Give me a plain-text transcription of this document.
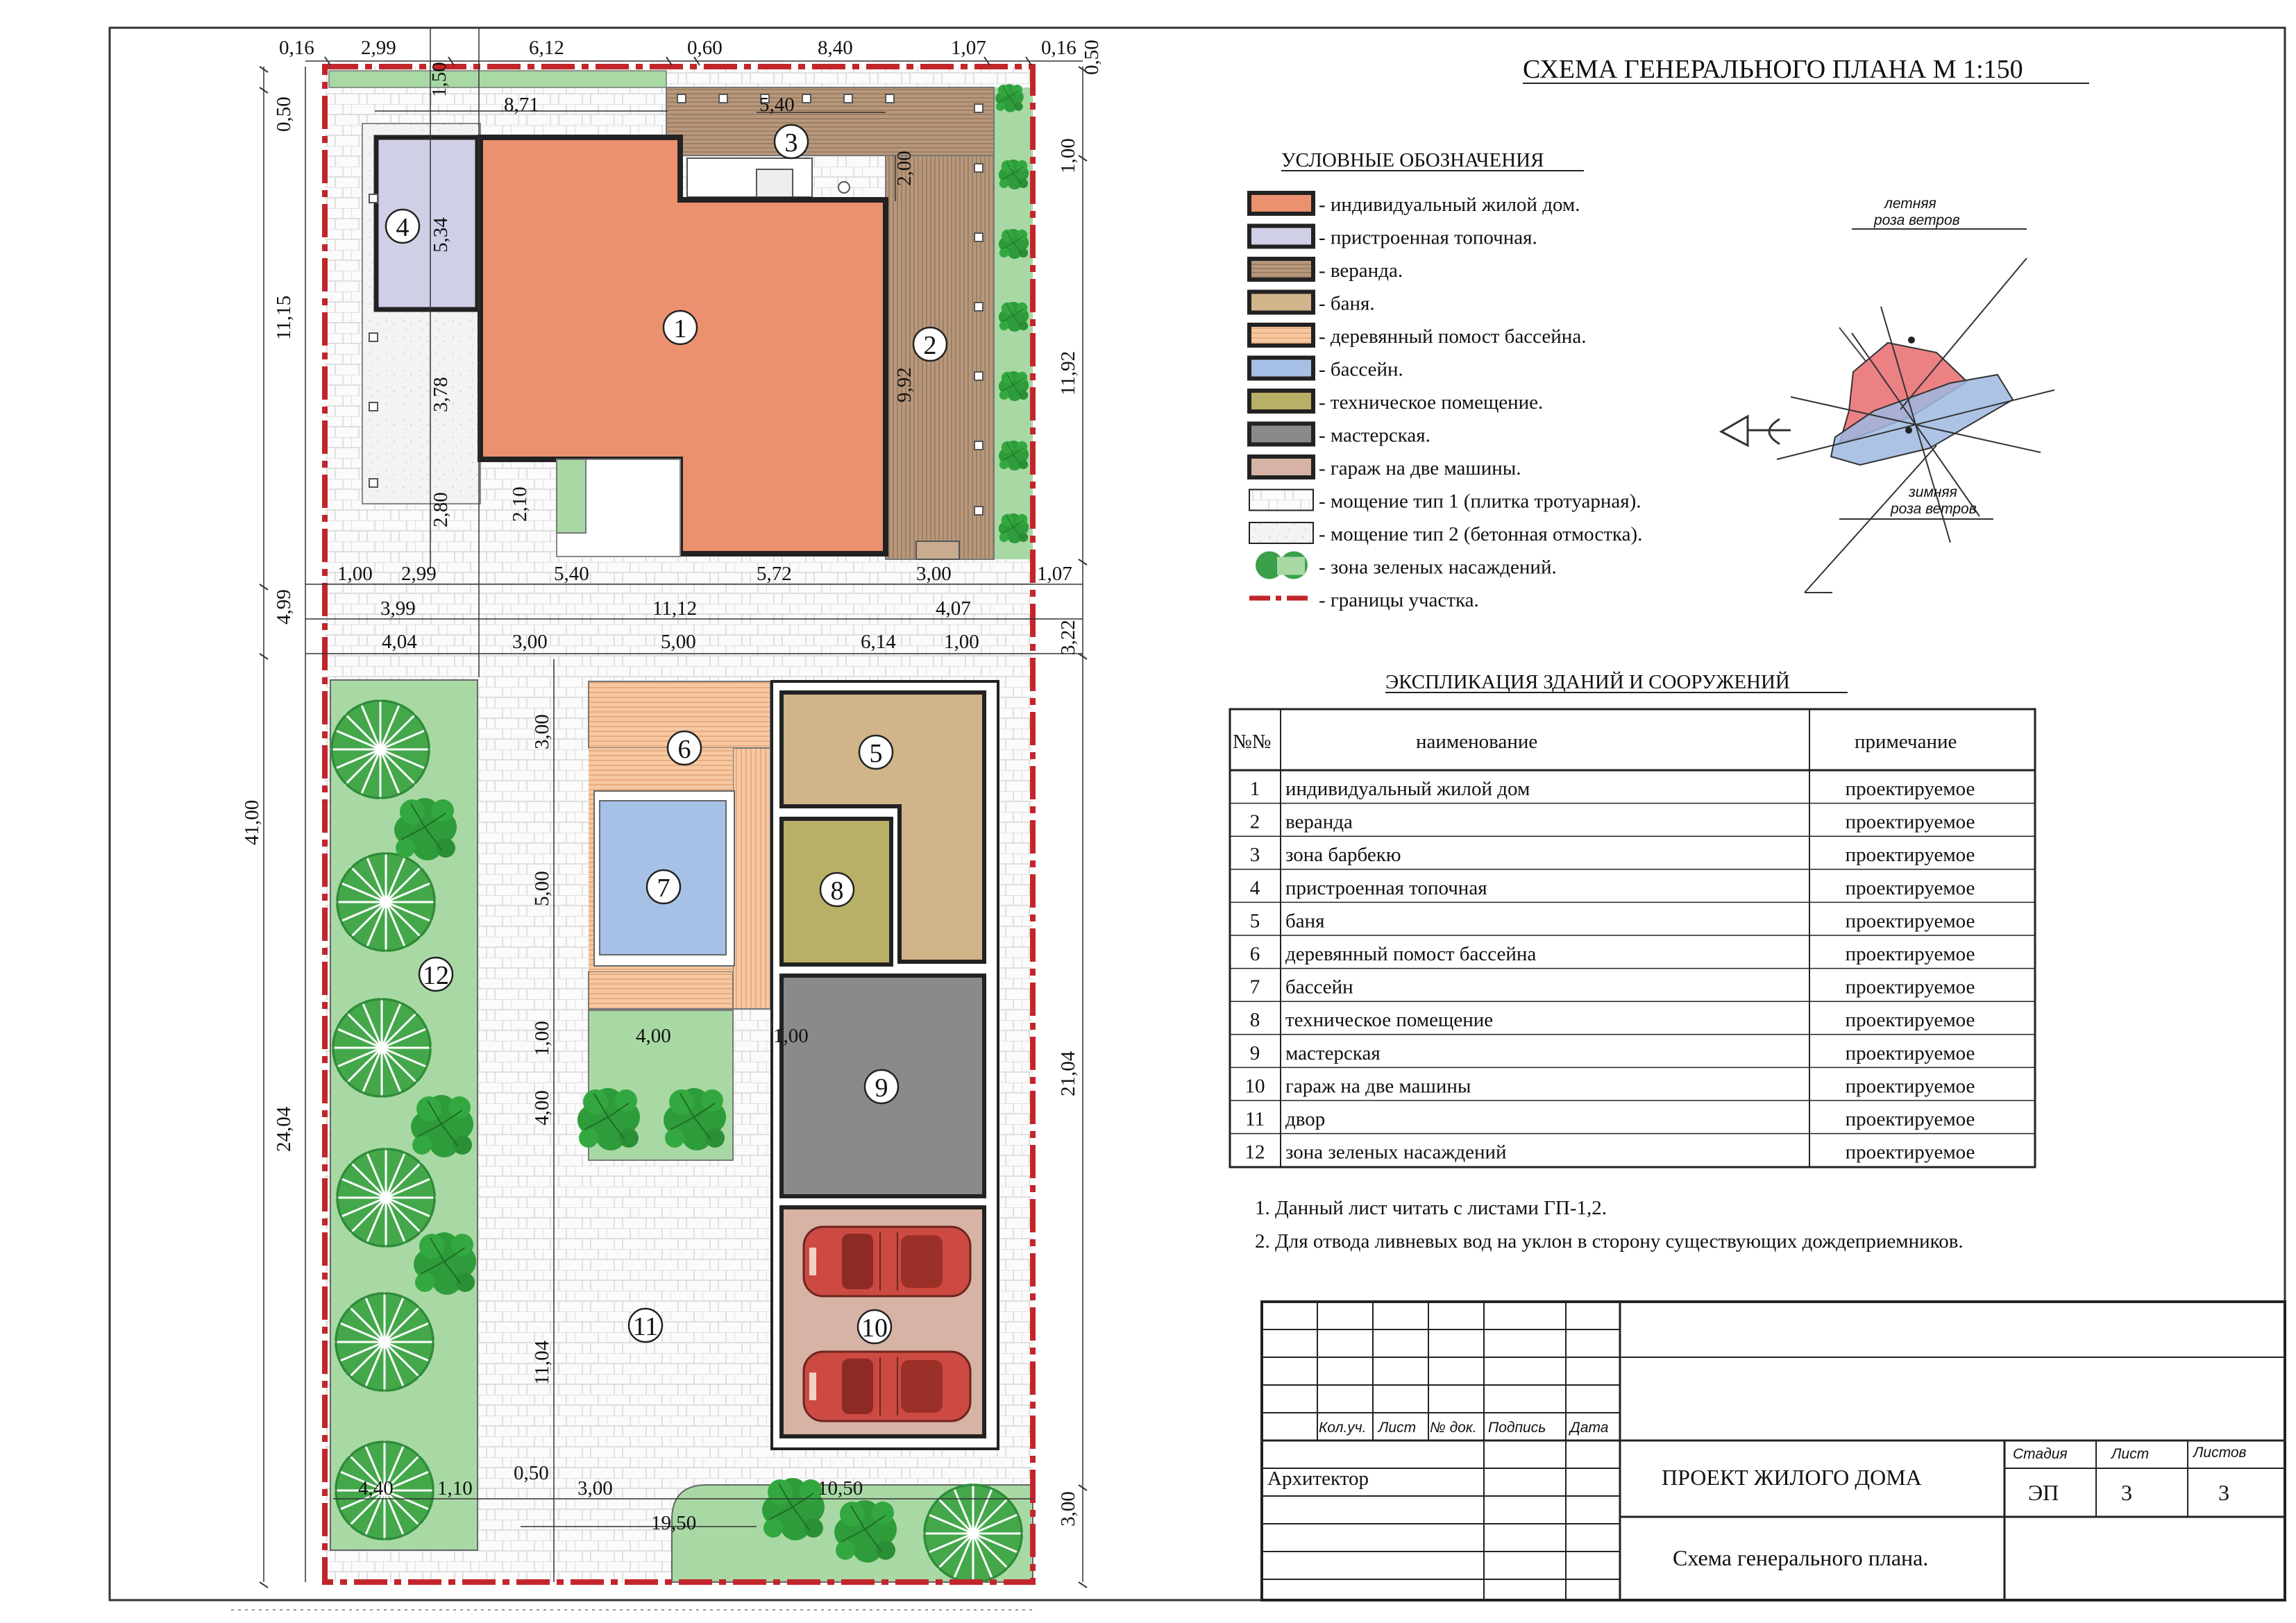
0,16 2,99	6,12	0,60	8,40	1,07	0,16 0,50
8,71	5,40
1,50
0,50
11,15
5,34
3,78
2,80	2,10
2,00
9,92
1,00
11,92
1,00 2,99	5,40	5,72	3,00	1,07
3,99	11,12	4,07
4,04	3,00	5,00	6,14 1,00
4,99
3,22
41,00
24,04
3,00
5,00
1,00
4,00
4,00	1,00
11,04
21,04
4,40 1,10
0,50
3,00	10,50
19,50	3,00
1
2
3
4
5
6
7	8
9
10
11
12
СХЕМА ГЕНЕРАЛЬНОГО ПЛАНА М 1:150
УСЛОВНЫЕ ОБОЗНАЧЕНИЯ
- индивидуальный жилой дом.
- пристроенная топочная.
- веранда.
- баня.
- деревянный помост бассейна.
- бассейн.
- техническое помещение.
- мастерская.
- гараж на две машины.
- мощение тип 1 (плитка тротуарная).
- мощение тип 2 (бетонная отмостка).
- зона зеленых насаждений.
- границы участка.
летняя
роза ветров
зимняя
роза ветров
ЭКСПЛИКАЦИЯ ЗДАНИЙ И СООРУЖЕНИЙ
№№	наименование	примечание
1 индивидуальный жилой дом	проектируемое
2 веранда	проектируемое
3 зона барбекю	проектируемое
4 пристроенная топочная	проектируемое
5 баня	проектируемое
6 деревянный помост бассейна	проектируемое
7 бассейн	проектируемое
8 техническое помещение	проектируемое
9 мастерская	проектируемое
10 гараж на две машины	проектируемое
11 двор	проектируемое
12 зона зеленых насаждений	проектируемое
1. Данный лист читать с листами ГП-1,2.
2. Для отвода ливневых вод на уклон в сторону существующих дождеприемников.
Кол.уч. Лист № док. Подпись Дата
Стадия	Лист	Листов
Архитектор	ПРОЕКТ ЖИЛОГО ДОМА
Схема генерального плана.
ЭП	3	3
